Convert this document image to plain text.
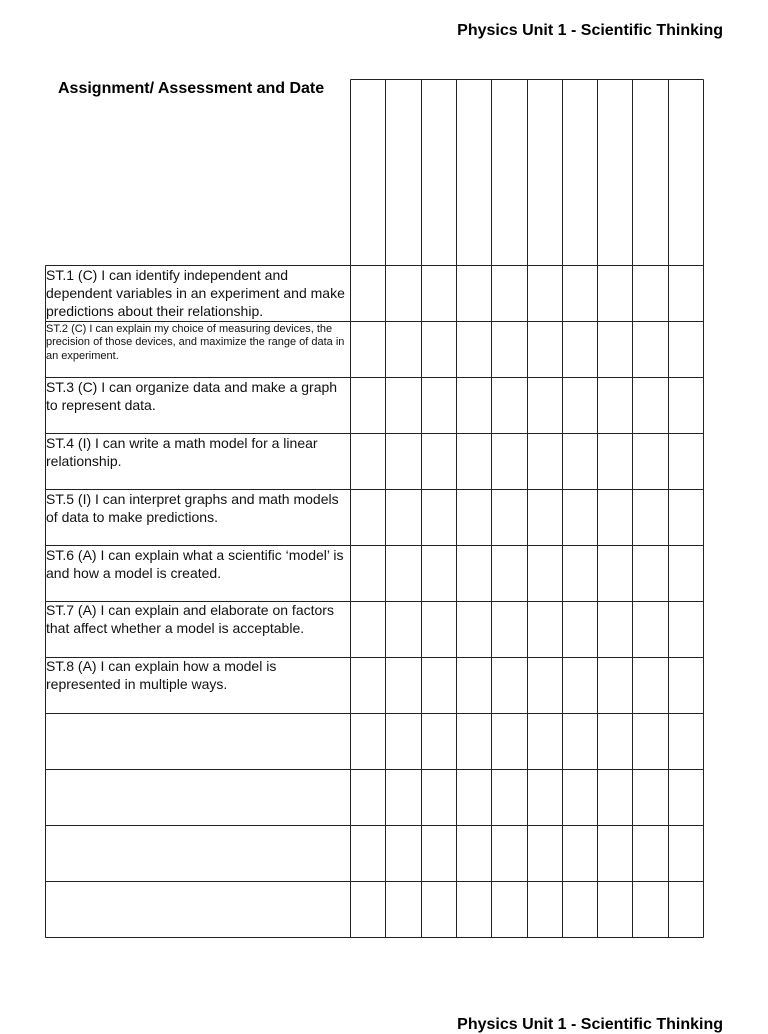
Physics Unit 1 - Scientific Thinking
Assignment/ Assessment and Date
ST.1 (C) I can identify independent and dependent variables in an experiment and make predictions about their relationship.
ST.2 (C) I can explain my choice of measuring devices, the precision of those devices, and maximize the range of data in an experiment.
ST.3 (C) I can organize data and make a graph to represent data.
ST.4 (I) I can write a math model for a linear relationship.
ST.5 (I) I can interpret graphs and math models of data to make predictions.
ST.6 (A) I can explain what a scientific ‘model’ is and how a model is created.
ST.7 (A) I can explain and elaborate on factors that affect whether a model is acceptable.
ST.8 (A) I can explain how a model is represented in multiple ways.
Physics Unit 1 - Scientific Thinking
